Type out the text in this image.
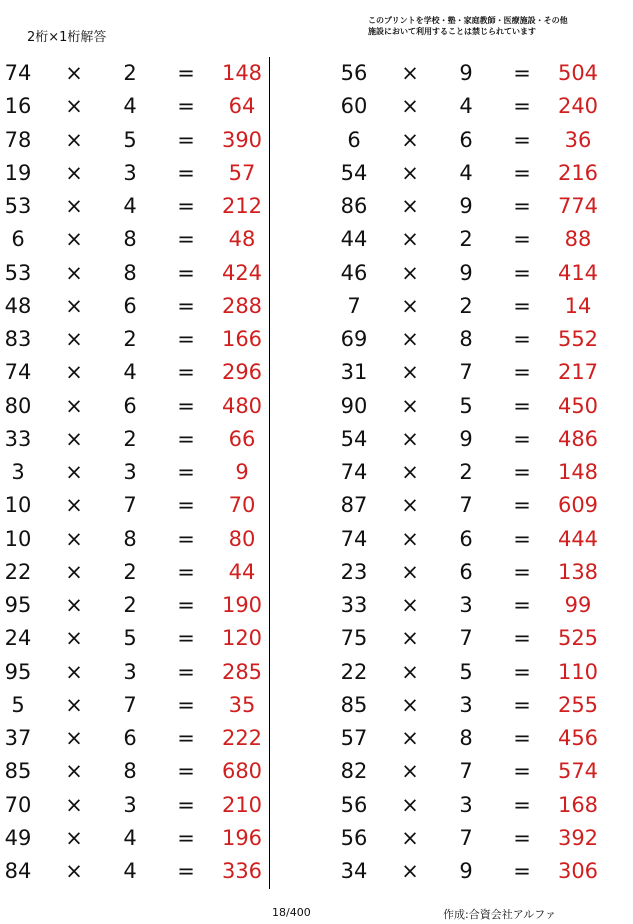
2桁×1桁解答
このプリントを学校・塾・家庭教師・医療施設・その他
施設において利用することは禁じられています
74 × 2 = 148
16 × 4 =	64
78 × 5 = 390
19 × 3 =	57
53 × 4 = 212
6	× 8 =	48
53 × 8 = 424
48 × 6 = 288
83 × 2 = 166
74 × 4 = 296
80 × 6 = 480
33 × 2 =	66
3	× 3 =	9
10 × 7 =	70
10 × 8 =	80
22 × 2 =	44
95 × 2 = 190
24 × 5 = 120
95 × 3 = 285
5	× 7 =	35
37 × 6 = 222
85 × 8 = 680
70 × 3 = 210
49 × 4 = 196
84 × 4 = 336
56 × 9 = 504
60 × 4 = 240
6	× 6 =	36
54 × 4 = 216
86 × 9 = 774
44 × 2 =	88
46 × 9 = 414
7	× 2 =	14
69 × 8 = 552
31 × 7 = 217
90 × 5 = 450
54 × 9 = 486
74 × 2 = 148
87 × 7 = 609
74 × 6 = 444
23 × 6 = 138
33 × 3 =	99
75 × 7 = 525
22 × 5 = 110
85 × 3 = 255
57 × 8 = 456
82 × 7 = 574
56 × 3 = 168
56 × 7 = 392
34 × 9 = 306
18/400	作成:合資会社アルファ
